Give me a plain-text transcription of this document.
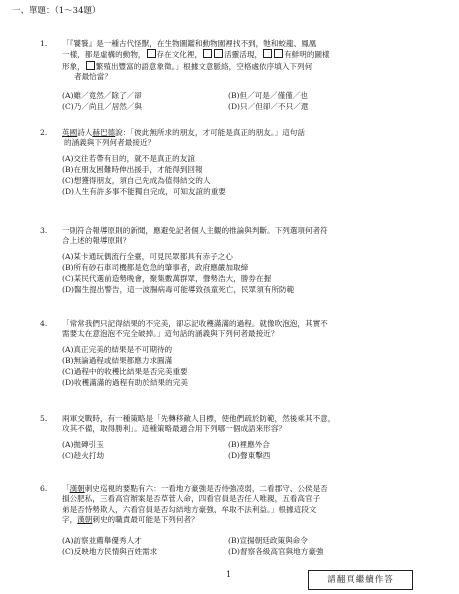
一、單題：（1～34題）
1. 「『饕餮』是一種古代怪獸，在生物圖鑑和動物園裡找不到，牠和蛟龍、鳳凰
一樣，都是虛構的動物， 存在文化裡，	活靈活現，	有鮮明的圖樣
形象， 繁殖出豐富的語意象徵。」根據文意脈絡，空格處依序填入下列何
者最恰當？
(A)雖／竟然／除了／卻	(B)但／可是／僅僅／也
(C)乃／尚且／居然／與	(D)只／但卻／不只／還
2. 英國詩人赫巴德說：「彼此無所求的朋友，才可能是真正的朋友。」這句話
的涵義與下列何者最接近？
(A)交往若帶有目的，就不是真正的友誼
(B)在朋友困難時伸出援手，才能得到回報
(C)想獲得朋友，須自己先成為值得結交的人
(D)人生有許多事不能獨自完成，可知友誼的重要
3. 一則符合報導原則的新聞，應避免記者個人主觀的推論與判斷。下列選項何者符
合上述的報導原則？
(A)某卡通玩偶流行全臺，可見民眾都具有赤子之心
(B)所有砂石車司機都是危急的肇事者，政府應嚴加取締
(C)某民代選前造勢晚會，聚集數萬群眾，聲勢浩大，勝券在握
(D)醫生提出警告，這一波腸病毒可能導致孩童死亡，民眾須有所防範
4. 「常常我們只記得結果的不完美，卻忘記收穫滿滿的過程。就像吹泡泡，其實不
需要太在意泡泡不完全破掉。」這句話的涵義與下列何者最接近？
(A)真正完美的結果是不可期待的
(B)無論過程或結果都應力求圓滿
(C)過程中的收穫比結果是否完美重要
(D)收穫滿滿的過程有助於結果的完美
5. 兩軍交戰時，有一種策略是「先轉移敵人目標，使他們疏於防範，然後乘其不意，
攻其不備，取得勝利」。這種策略最適合用下列哪一個成語來形容？
(A)拋磚引玉	(B)裡應外合
(C)趁火打劫	(D)聲東擊西
6. 「漢朝刺史巡視的要點有六：一看地方豪強是否侍強凌弱，二看郡守、公侯是否
損公肥私，三看高官辦案是否草菅人命，四看官員是否任人唯親，五看高官子
弟是否恃勢欺人，六看官員是否勾結地方豪強、牟取不法利益。」根據這段文
字，漢朝刺史的職責最可能是下列何者？
(A)訪察並薦舉優秀人才	(B)宣揚朝廷政策與命令
(C)反映地方民情與百姓需求	(D)督察各級高官與地方豪強
1
請翻頁繼續作答
